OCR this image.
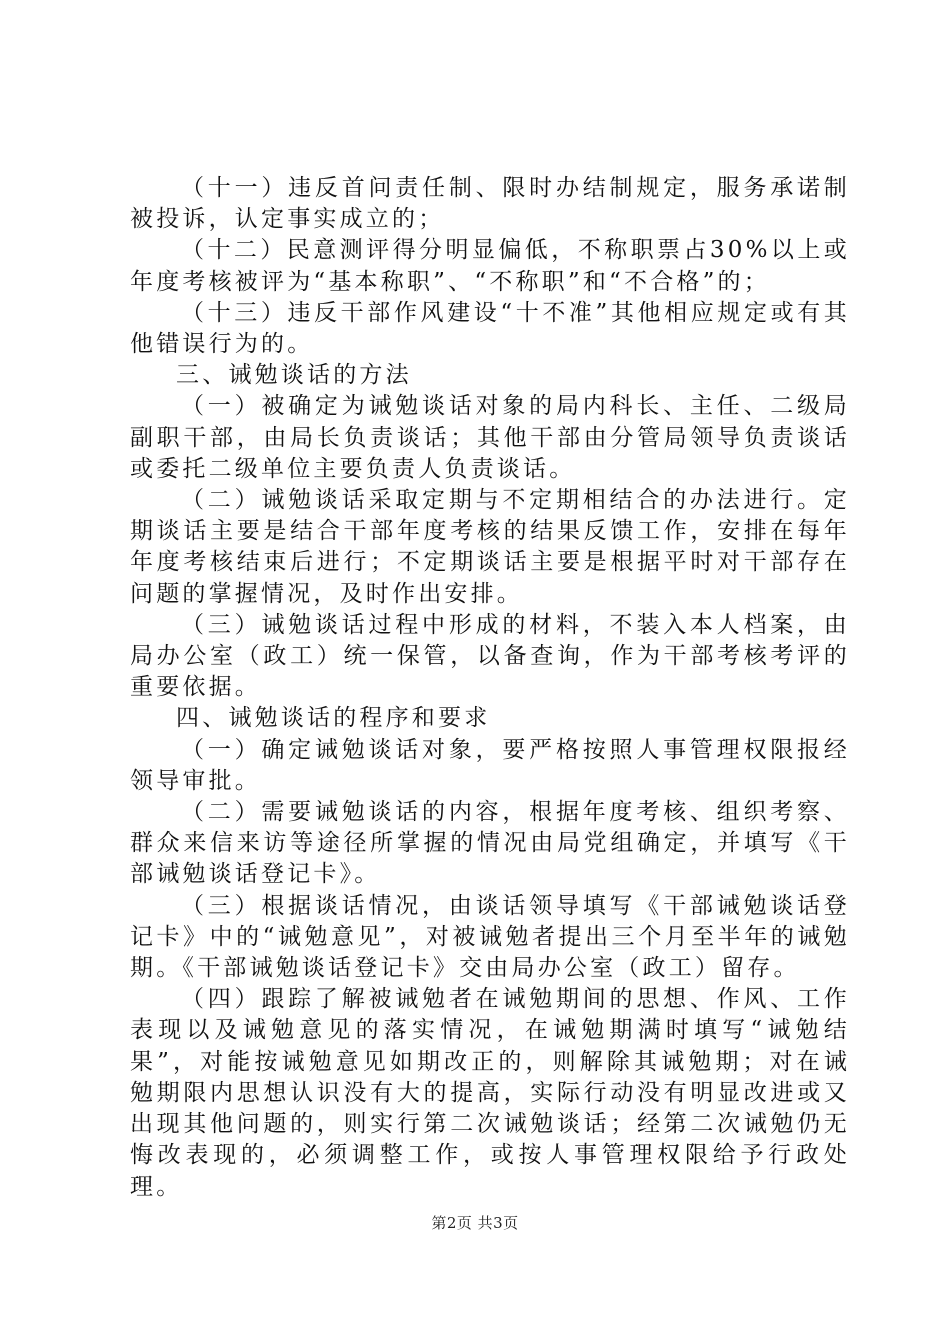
（十一）违反首问责任制、限时办结制规定，服务承诺制被投诉，认定事实成立的；

（十二）民意测评得分明显偏低，不称职票占30%以上或年度考核被评为“基本称职”、“不称职”和“不合格”的；

（十三）违反干部作风建设“十不准”其他相应规定或有其他错误行为的。

三、诫勉谈话的方法

（一）被确定为诫勉谈话对象的局内科长、主任、二级局副职干部，由局长负责谈话；其他干部由分管局领导负责谈话或委托二级单位主要负责人负责谈话。

（二）诫勉谈话采取定期与不定期相结合的办法进行。定期谈话主要是结合干部年度考核的结果反馈工作，安排在每年年度考核结束后进行；不定期谈话主要是根据平时对干部存在问题的掌握情况，及时作出安排。

（三）诫勉谈话过程中形成的材料，不装入本人档案，由局办公室（政工）统一保管，以备查询，作为干部考核考评的重要依据。

四、诫勉谈话的程序和要求

（一）确定诫勉谈话对象，要严格按照人事管理权限报经领导审批。

（二）需要诫勉谈话的内容，根据年度考核、组织考察、群众来信来访等途径所掌握的情况由局党组确定，并填写《干部诫勉谈话登记卡》。

（三）根据谈话情况，由谈话领导填写《干部诫勉谈话登记卡》中的“诫勉意见”，对被诫勉者提出三个月至半年的诫勉期。《干部诫勉谈话登记卡》交由局办公室（政工）留存。

（四）跟踪了解被诫勉者在诫勉期间的思想、作风、工作表现以及诫勉意见的落实情况，在诫勉期满时填写“诫勉结果”，对能按诫勉意见如期改正的，则解除其诫勉期；对在诫勉期限内思想认识没有大的提高，实际行动没有明显改进或又出现其他问题的，则实行第二次诫勉谈话；经第二次诫勉仍无悔改表现的，必须调整工作，或按人事管理权限给予行政处理。

第2页 共3页
